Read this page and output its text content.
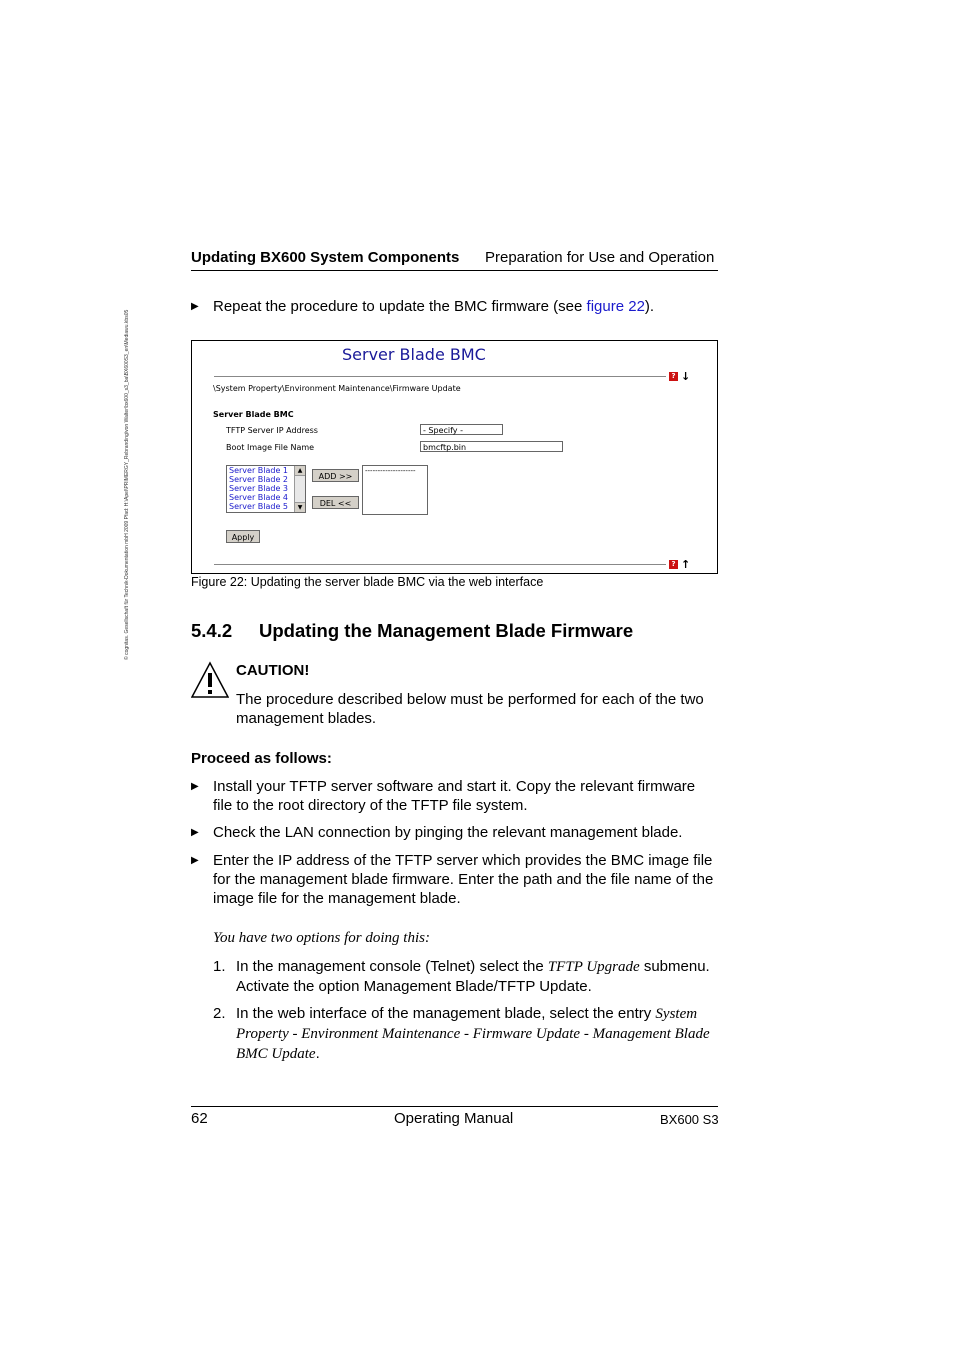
© cognitas. Gesellschaft für Technik-Dokumentation mbH 2009 Pfad: H:\Apel\PRIMERGY_Rebranding\von Walter\bx600_s3_ba\BX600S3_en\Mediawu.kbs05
Updating BX600 System Components Preparation for Use and Operation
▶ Repeat the procedure to update the BMC firmware (see figure 22).
Server Blade BMC
? ↓
\System Property\Environment Maintenance\Firmware Update
Server Blade BMC
TFTP Server IP Address	- Specify -
Boot Image File Name	bmcftp.bin
Server Blade 1
Server Blade 2
Server Blade 3
Server Blade 4
Server Blade 5
▲
▼
ADD >>
DEL <<
--------------------
Apply
? ↑
Figure 22: Updating the server blade BMC via the web interface
5.4.2 Updating the Management Blade Firmware
CAUTION!
The procedure described below must be performed for each of the two management blades.
Proceed as follows:
▶ Install your TFTP server software and start it. Copy the relevant firmware file to the root directory of the TFTP file system.
▶ Check the LAN connection by pinging the relevant management blade.
▶ Enter the IP address of the TFTP server which provides the BMC image file for the management blade firmware. Enter the path and the file name of the image file for the management blade.
You have two options for doing this:
1. In the management console (Telnet) select the TFTP Upgrade submenu. Activate the option Management Blade/TFTP Update.
2. In the web interface of the management blade, select the entry System Property - Environment Maintenance - Firmware Update - Management Blade BMC Update.
62	Operating Manual	BX600 S3
